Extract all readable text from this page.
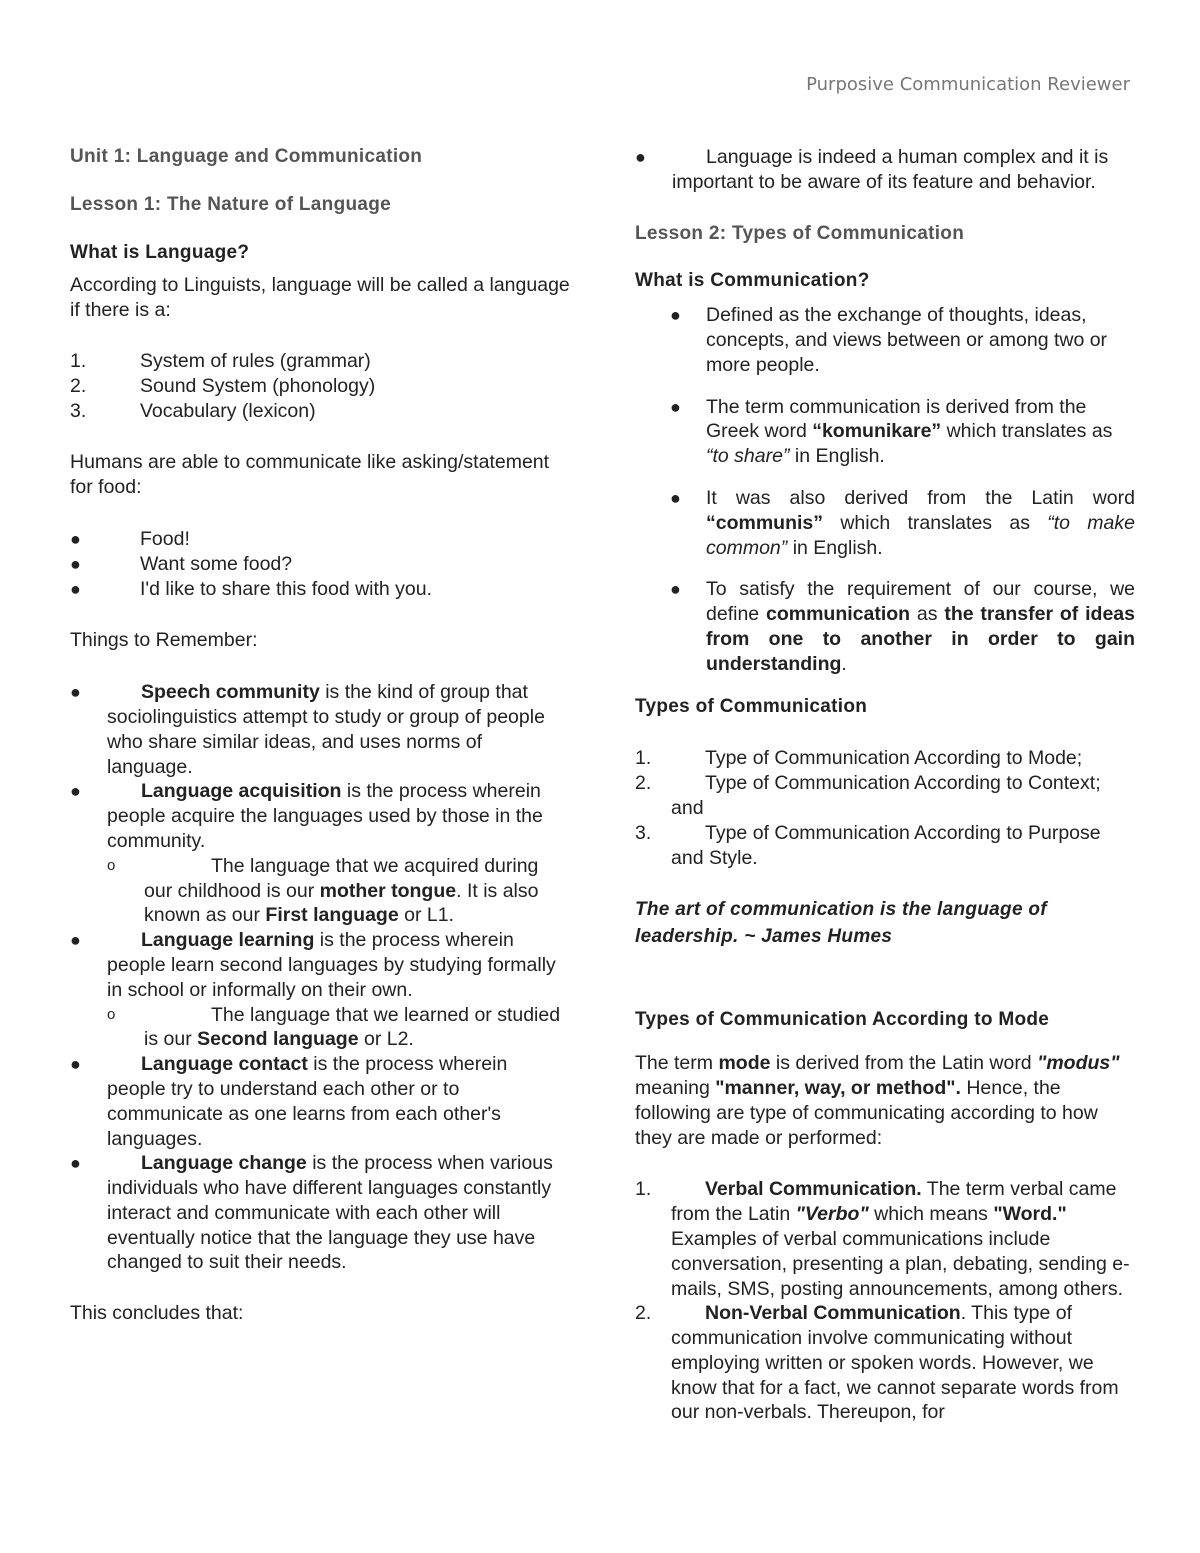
Purposive Communication Reviewer

Unit 1: Language and Communication

Lesson 1: The Nature of Language

What is Language?

According to Linguists, language will be called a language if there is a:

1.	System of rules (grammar)
2.	Sound System (phonology)
3.	Vocabulary (lexicon)

Humans are able to communicate like asking/statement for food:

●	Food!
●	Want some food?
●	I'd like to share this food with you.

Things to Remember:

●	Speech community is the kind of group that sociolinguistics attempt to study or group of people who share similar ideas, and uses norms of language.
●	Language acquisition is the process wherein people acquire the languages used by those in the community.
o	The language that we acquired during our childhood is our mother tongue. It is also known as our First language or L1.
●	Language learning is the process wherein people learn second languages by studying formally in school or informally on their own.
o	The language that we learned or studied is our Second language or L2.
●	Language contact is the process wherein people try to understand each other or to communicate as one learns from each other's languages.
●	Language change is the process when various individuals who have different languages constantly interact and communicate with each other will eventually notice that the language they use have changed to suit their needs.

This concludes that:

●	Language is indeed a human complex and it is important to be aware of its feature and behavior.

Lesson 2: Types of Communication

What is Communication?

●	Defined as the exchange of thoughts, ideas, concepts, and views between or among two or more people.
●	The term communication is derived from the Greek word “komunikare” which translates as “to share” in English.
●	It was also derived from the Latin word “communis” which translates as “to make common” in English.
●	To satisfy the requirement of our course, we define communication as the transfer of ideas from one to another in order to gain understanding.

Types of Communication

1.	Type of Communication According to Mode;
2.	Type of Communication According to Context; and
3.	Type of Communication According to Purpose and Style.

The art of communication is the language of leadership. ~ James Humes

Types of Communication According to Mode

The term mode is derived from the Latin word "modus" meaning "manner, way, or method". Hence, the following are type of communicating according to how they are made or performed:

1.	Verbal Communication. The term verbal came from the Latin "Verbo" which means "Word." Examples of verbal communications include conversation, presenting a plan, debating, sending e-mails, SMS, posting announcements, among others.
2.	Non-Verbal Communication. This type of communication involve communicating without employing written or spoken words. However, we know that for a fact, we cannot separate words from our non-verbals. Thereupon, for
